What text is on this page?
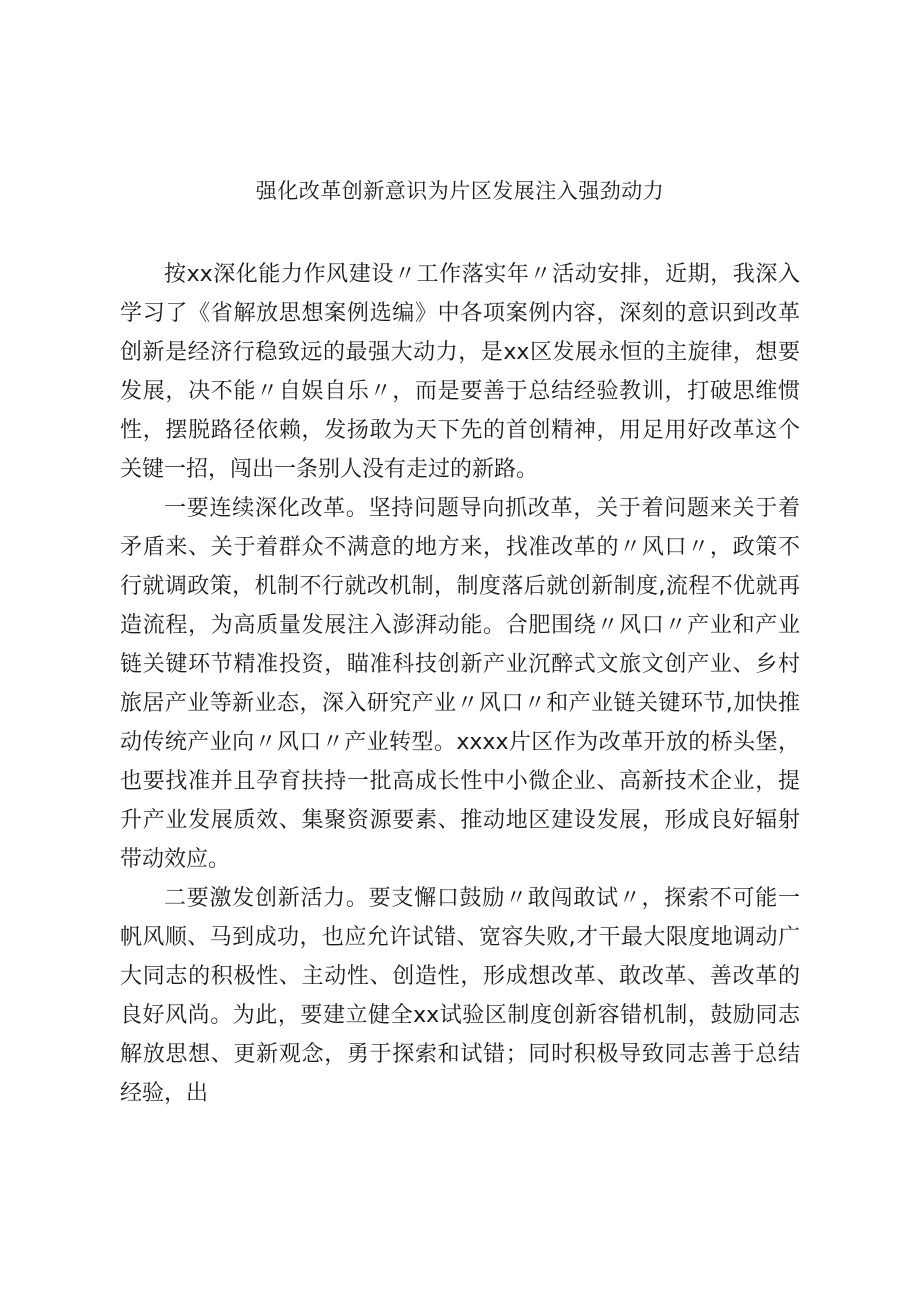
强化改革创新意识为片区发展注入强劲动力

按xx深化能力作风建设〃工作落实年〃活动安排，近期，我深入学习了《省解放思想案例选编》中各项案例内容，深刻的意识到改革创新是经济行稳致远的最强大动力，是xx区发展永恒的主旋律，想要发展，决不能〃自娱自乐〃，而是要善于总结经验教训，打破思维惯性，摆脱路径依赖，发扬敢为天下先的首创精神，用足用好改革这个关键一招，闯出一条别人没有走过的新路。

一要连续深化改革。坚持问题导向抓改革，关于着问题来关于着矛盾来、关于着群众不满意的地方来，找准改革的〃风口〃，政策不行就调政策，机制不行就改机制，制度落后就创新制度,流程不优就再造流程，为高质量发展注入澎湃动能。合肥围绕〃风口〃产业和产业链关键环节精准投资，瞄准科技创新产业沉醉式文旅文创产业、乡村旅居产业等新业态，深入研究产业〃风口〃和产业链关键环节,加快推动传统产业向〃风口〃产业转型。xxxx片区作为改革开放的桥头堡，也要找准并且孕育扶持一批高成长性中小微企业、高新技术企业，提升产业发展质效、集聚资源要素、推动地区建设发展，形成良好辐射带动效应。

二要激发创新活力。要支懈口鼓励〃敢闯敢试〃，探索不可能一帆风顺、马到成功，也应允许试错、宽容失败,才干最大限度地调动广大同志的积极性、主动性、创造性，形成想改革、敢改革、善改革的良好风尚。为此，要建立健全xx试验区制度创新容错机制，鼓励同志解放思想、更新观念，勇于探索和试错；同时积极导致同志善于总结经验，出
